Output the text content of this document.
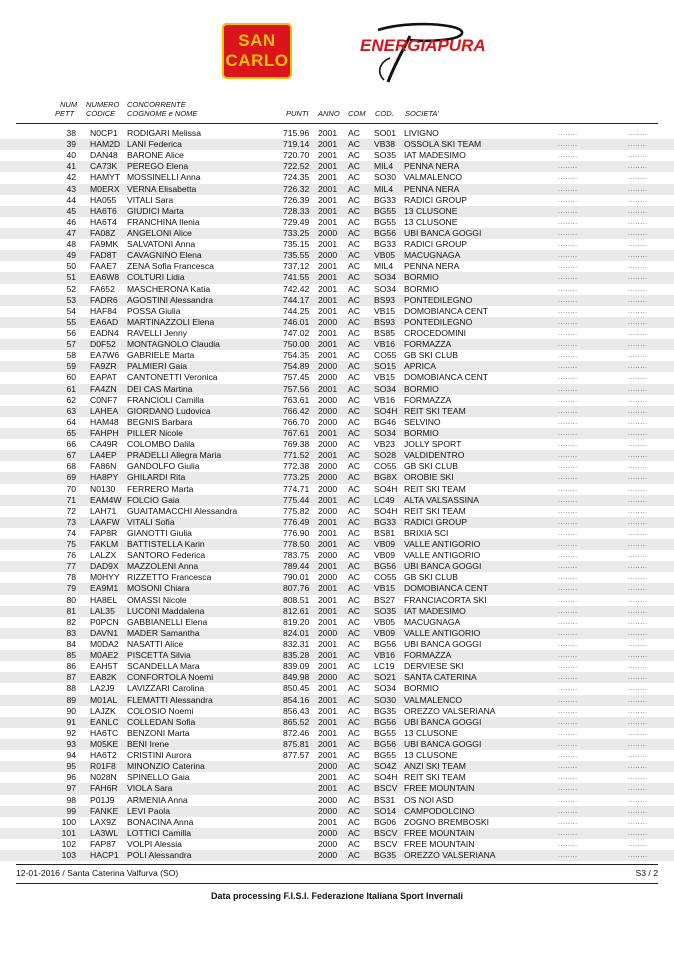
SAN
CARLO
ENERGIAPURA
NUM
PETT
NUMERO
CODICE
CONCORRENTE
COGNOME e NOME	PUNTI ANNO COM COD. SOCIETA'
38 N0CP1 RODIGARI Melissa	715.96 2001 AC SO01 LIVIGNO	........	........
39 HAM2D LANI Federica	719.14 2001 AC VB38 OSSOLA SKI TEAM	........	........
40 DAN48 BARONE Alice	720.70 2001 AC SO35 IAT MADESIMO	........	........
41 CA73K PEREGO Elena	722.52 2001 AC MIL4 PENNA NERA	........	........
42 HAMYT MOSSINELLI Anna	724.35 2001 AC SO30 VALMALENCO	........	........
43 M0ERX VERNA Elisabetta	726.32 2001 AC MIL4 PENNA NERA	........	........
44 HA055 VITALI Sara	726.39 2001 AC BG33 RADICI GROUP	........	........
45 HA6T6 GIUDICI Marta	728.33 2001 AC BG55 13 CLUSONE	........	........
46 HA6T4 FRANCHINA Ilenia	729.49 2001 AC BG55 13 CLUSONE	........	........
47 FA08Z ANGELONI Alice	733.25 2000 AC BG56 UBI BANCA GOGGI	........	........
48 FA9MK SALVATONI Anna	735.15 2001 AC BG33 RADICI GROUP	........	........
49 FAD8T CAVAGNINO Elena	735.55 2000 AC VB05 MACUGNAGA	........	........
50 FAAE7 ZENA Sofia Francesca	737.12 2001 AC MIL4 PENNA NERA	........	........
51 EA6W8 COLTURI Lidia	741.55 2001 AC SO34 BORMIO	........	........
52 FA652 MASCHERONA Katia	742.42 2001 AC SO34 BORMIO	........	........
53 FADR6 AGOSTINI Alessandra	744.17 2001 AC BS93 PONTEDILEGNO	........	........
54 HAF84 POSSA Giulia	744.25 2001 AC VB15 DOMOBIANCA CENT	........	........
55 EA6AD MARTINAZZOLI Elena	746.01 2000 AC BS93 PONTEDILEGNO	........	........
56 EADN4 RAVELLI Jenny	747.02 2001 AC BS85 CROCEDOMINI	........	........
57 D0F52 MONTAGNOLO Claudia	750.00 2001 AC VB16 FORMAZZA	........	........
58 EA7W6 GABRIELE Marta	754.35 2001 AC CO55 GB SKI CLUB	........	........
59 FA9ZR PALMIERI Gaia	754.89 2000 AC SO15 APRICA	........	........
60 EAPAT CANTONETTI Veronica	757.45 2000 AC VB15 DOMOBIANCA CENT	........	........
61 FA4ZN DEI CAS Martina	757.56 2001 AC SO34 BORMIO	........	........
62 C0NF7 FRANCIOLI Camilla	763.61 2000 AC VB16 FORMAZZA	........	........
63 LAHEA GIORDANO Ludovica	766.42 2000 AC SO4H REIT SKI TEAM	........	........
64 HAM48 BEGNIS Barbara	766.70 2000 AC BG46 SELVINO	........	........
65 FAHPH PILLER Nicole	767.61 2001 AC SO34 BORMIO	........	........
66 CA49R COLOMBO Dalila	769.38 2000 AC VB23 JOLLY SPORT	........	........
67 LA4EP PRADELLI Allegra Maria	771.52 2001 AC SO28 VALDIDENTRO	........	........
68 FA86N GANDOLFO Giulia	772.38 2000 AC CO55 GB SKI CLUB	........	........
69 HA8PY GHILARDI Rita	773.25 2000 AC BG8X OROBIE SKI	........	........
70 N0130 FERRERO Marta	774.71 2000 AC SO4H REIT SKI TEAM	........	........
71 EAM4W FOLCIO Gaia	775.44 2001 AC LC49 ALTA VALSASSINA	........	........
72 LAH71 GUAITAMACCHI Alessandra	775.82 2000 AC SO4H REIT SKI TEAM	........	........
73 LAAFW VITALI Sofia	776.49 2001 AC BG33 RADICI GROUP	........	........
74 FAP8R GIANOTTI Giulia	776.90 2001 AC BS81 BRIXIA SCI	........	........
75 FAKLM BATTISTELLA Karin	778.50 2001 AC VB09 VALLE ANTIGORIO	........	........
76 LALZX SANTORO Federica	783.75 2000 AC VB09 VALLE ANTIGORIO	........	........
77 DAD9X MAZZOLENI Anna	789.44 2001 AC BG56 UBI BANCA GOGGI	........	........
78 M0HYY RIZZETTO Francesca	790.01 2000 AC CO55 GB SKI CLUB	........	........
79 EA9M1 MOSONI Chiara	807.76 2001 AC VB15 DOMOBIANCA CENT	........	........
80 HA8EL OMASSI Nicole	808.51 2001 AC BS27 FRANCIACORTA SKI	........	........
81 LAL35 LUCONI Maddalena	812.61 2001 AC SO35 IAT MADESIMO	........	........
82 P0PCN GABBIANELLI Elena	819.20 2001 AC VB05 MACUGNAGA	........	........
83 DAVN1 MADER Samantha	824.01 2000 AC VB09 VALLE ANTIGORIO	........	........
84 M0DA2 NASATTI Alice	832.31 2001 AC BG56 UBI BANCA GOGGI	........	........
85 M0AE2 PISCETTA Silvia	835.28 2001 AC VB16 FORMAZZA	........	........
86 EAH5T SCANDELLA Mara	839.09 2001 AC LC19 DERVIESE SKI	........	........
87 EA82K CONFORTOLA Noemi	849.98 2000 AC SO21 SANTA CATERINA	........	........
88 LA2J9 LAVIZZARI Carolina	850.45 2001 AC SO34 BORMIO	........	........
89 M01AL FLEMATTI Alessandra	854.16 2001 AC SO30 VALMALENCO	........	........
90 LAJZK COLOSIO Noemi	856.43 2001 AC BG35 OREZZO VALSERIANA	........	........
91 EANLC COLLEDAN Sofia	865.52 2001 AC BG56 UBI BANCA GOGGI	........	........
92 HA6TC BENZONI Marta	872.46 2001 AC BG55 13 CLUSONE	........	........
93 M05KE BENI Irene	875.81 2001 AC BG56 UBI BANCA GOGGI	........	........
94 HA6T2 CRISTINI Aurora	877.57 2001 AC BG55 13 CLUSONE	........	........
95 R01F8 MINONZIO Caterina	2000 AC SO4Z ANZI SKI TEAM	........	........
96 N028N SPINELLO Gaia	2001 AC SO4H REIT SKI TEAM	........	........
97 FAH6R VIOLA Sara	2001 AC BSCV FREE MOUNTAIN	........	........
98 P01J9 ARMENIA Anna	2000 AC BS31 OS NOI ASD	........	........
99 FANKE LEVI Paola	2000 AC SO14 CAMPODOLCINO	........	........
100 LAX9Z BONACINA Anna	2001 AC BG06 ZOGNO BREMBOSKI	........	........
101 LA3WL LOTTICI Camilla	2000 AC BSCV FREE MOUNTAIN	........	........
102 FAP87 VOLPI Alessia	2000 AC BSCV FREE MOUNTAIN	........	........
103 HACP1 POLI Alessandra	2000 AC BG35 OREZZO VALSERIANA	........	........
12-01-2016 / Santa Caterina Valfurva (SO)	S3 / 2
Data processing F.I.S.I. Federazione Italiana Sport Invernali
